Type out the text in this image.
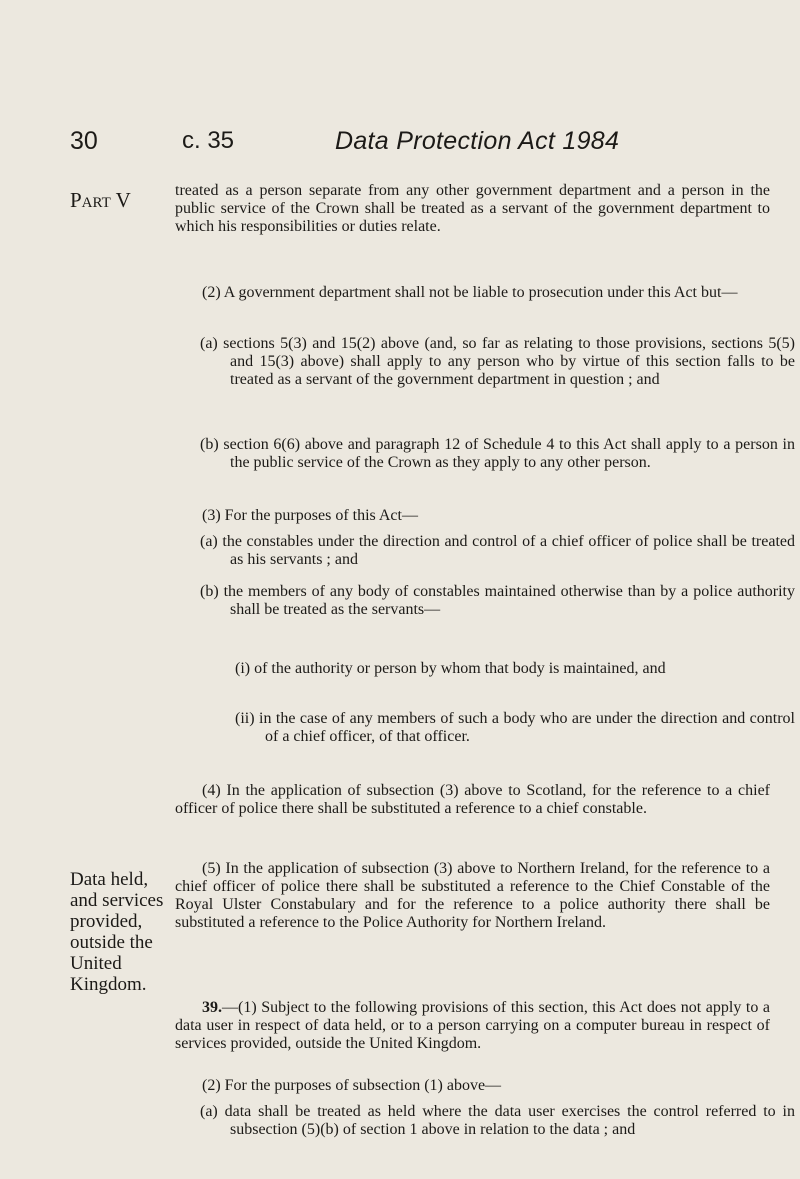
30	c. 35	Data Protection Act 1984
Part V
Data held, and services provided, outside the United Kingdom.

treated as a person separate from any other government department and a person in the public service of the Crown shall be treated as a servant of the government department to which his responsibilities or duties relate.

(2) A government department shall not be liable to prosecution under this Act but—

(a) sections 5(3) and 15(2) above (and, so far as relating to those provisions, sections 5(5) and 15(3) above) shall apply to any person who by virtue of this section falls to be treated as a servant of the government department in question ; and

(b) section 6(6) above and paragraph 12 of Schedule 4 to this Act shall apply to a person in the public service of the Crown as they apply to any other person.

(3) For the purposes of this Act—

(a) the constables under the direction and control of a chief officer of police shall be treated as his servants ; and

(b) the members of any body of constables maintained otherwise than by a police authority shall be treated as the servants—

(i) of the authority or person by whom that body is maintained, and

(ii) in the case of any members of such a body who are under the direction and control of a chief officer, of that officer.

(4) In the application of subsection (3) above to Scotland, for the reference to a chief officer of police there shall be substituted a reference to a chief constable.

(5) In the application of subsection (3) above to Northern Ireland, for the reference to a chief officer of police there shall be substituted a reference to the Chief Constable of the Royal Ulster Constabulary and for the reference to a police authority there shall be substituted a reference to the Police Authority for Northern Ireland.

39.—(1) Subject to the following provisions of this section, this Act does not apply to a data user in respect of data held, or to a person carrying on a computer bureau in respect of services provided, outside the United Kingdom.

(2) For the purposes of subsection (1) above—

(a) data shall be treated as held where the data user exercises the control referred to in subsection (5)(b) of section 1 above in relation to the data ; and
